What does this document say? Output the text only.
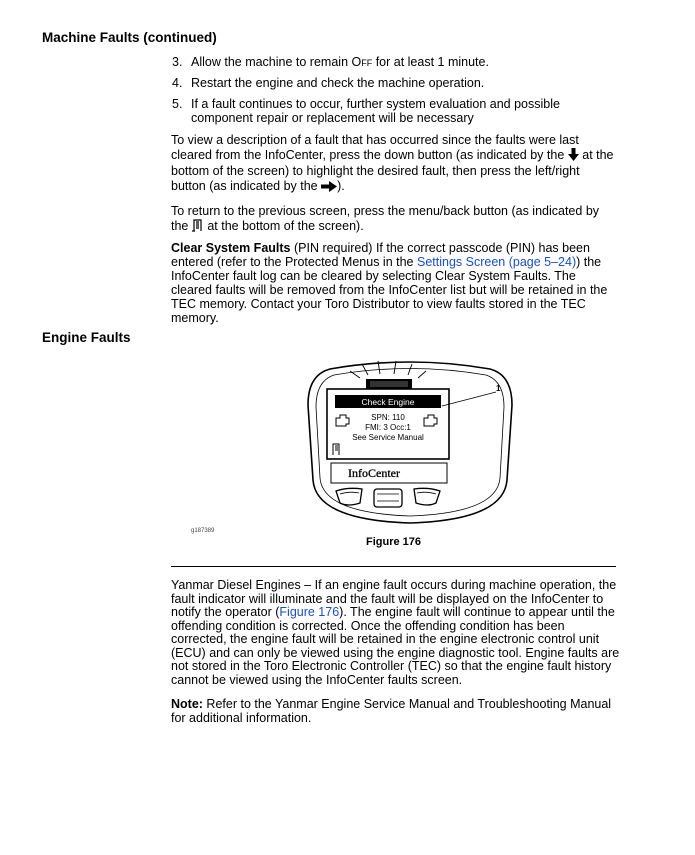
Machine Faults (continued)
3. Allow the machine to remain Off for at least 1 minute.
4. Restart the engine and check the machine operation.
5. If a fault continues to occur, further system evaluation and possible component repair or replacement will be necessary
To view a description of a fault that has occurred since the faults were last cleared from the InfoCenter, press the down button (as indicated by the  at the bottom of the screen) to highlight the desired fault, then press the left/right button (as indicated by the ).
To return to the previous screen, press the menu/back button (as indicated by the  at the bottom of the screen).
Clear System Faults (PIN required) If the correct passcode (PIN) has been entered (refer to the Protected Menus in the Settings Screen (page 5–24)) the InfoCenter fault log can be cleared by selecting Clear System Faults. The cleared faults will be removed from the InfoCenter list but will be retained in the TEC memory. Contact your Toro Distributor to view faults stored in the TEC memory.
Engine Faults
Check Engine
SPN: 110
FMI: 3 Occ:1
See Service Manual
1
InfoCenter
g187389
Figure 176
Yanmar Diesel Engines – If an engine fault occurs during machine operation, the fault indicator will illuminate and the fault will be displayed on the InfoCenter to notify the operator (Figure 176). The engine fault will continue to appear until the offending condition is corrected. Once the offending condition has been corrected, the engine fault will be retained in the engine electronic control unit (ECU) and can only be viewed using the engine diagnostic tool. Engine faults are not stored in the Toro Electronic Controller (TEC) so that the engine fault history cannot be viewed using the InfoCenter faults screen.
Note: Refer to the Yanmar Engine Service Manual and Troubleshooting Manual for additional information.
